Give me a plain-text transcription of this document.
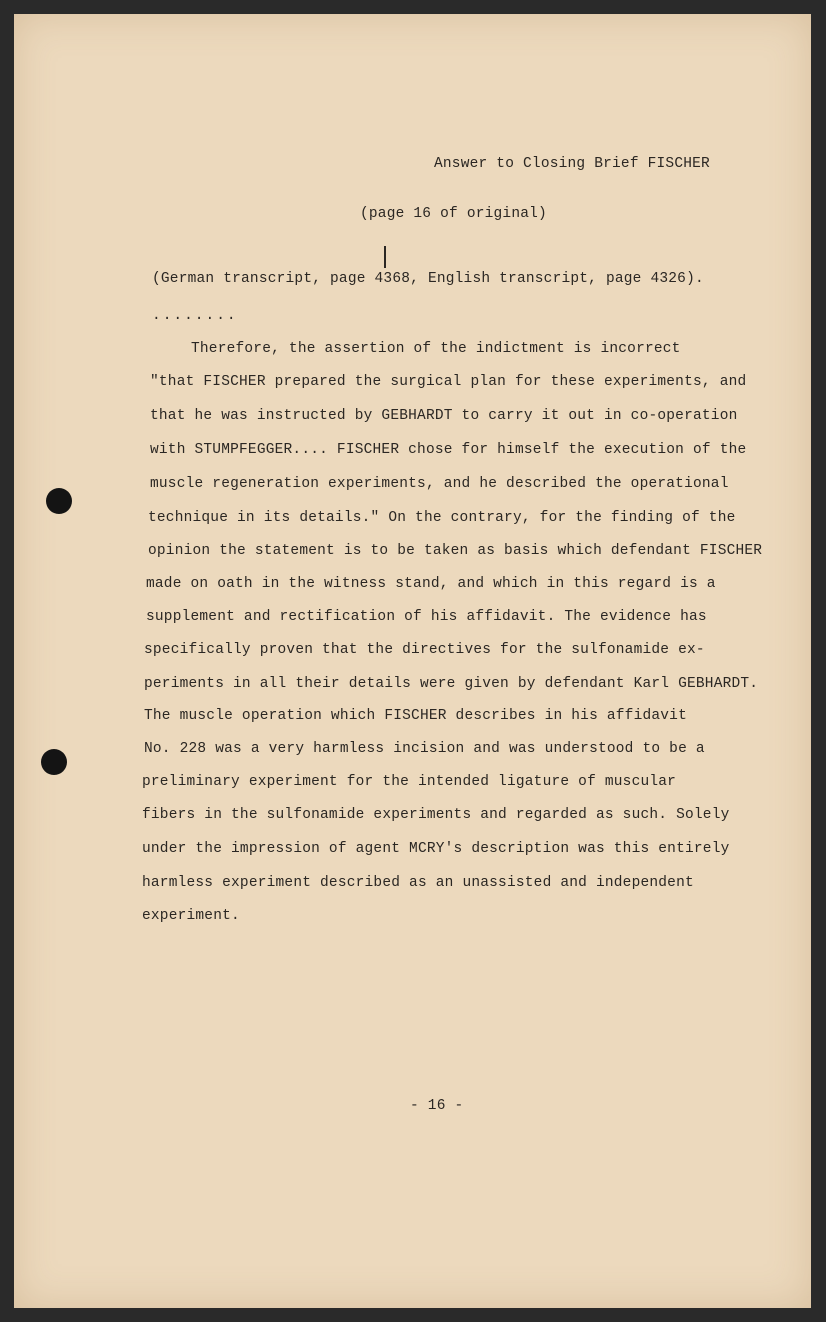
Answer to Closing Brief FISCHER
(page 16 of original)
(German transcript, page 4368, English transcript, page 4326).
........
Therefore, the assertion of the indictment is incorrect
"that FISCHER prepared the surgical plan for these experiments, and
that he was instructed by GEBHARDT to carry it out in co-operation
with STUMPFEGGER.... FISCHER chose for himself the execution of the
muscle regeneration experiments, and he described the operational
technique in its details." On the contrary, for the finding of the
opinion the statement is to be taken as basis which defendant FISCHER
made on oath in the witness stand, and which in this regard is a
supplement and rectification of his affidavit. The evidence has
specifically proven that the directives for the sulfonamide ex-
periments in all their details were given by defendant Karl GEBHARDT.
The muscle operation which FISCHER describes in his affidavit
No. 228 was a very harmless incision and was understood to be a
preliminary experiment for the intended ligature of muscular
fibers in the sulfonamide experiments and regarded as such. Solely
under the impression of agent MCRY's description was this entirely
harmless experiment described as an unassisted and independent
experiment.
- 16 -
